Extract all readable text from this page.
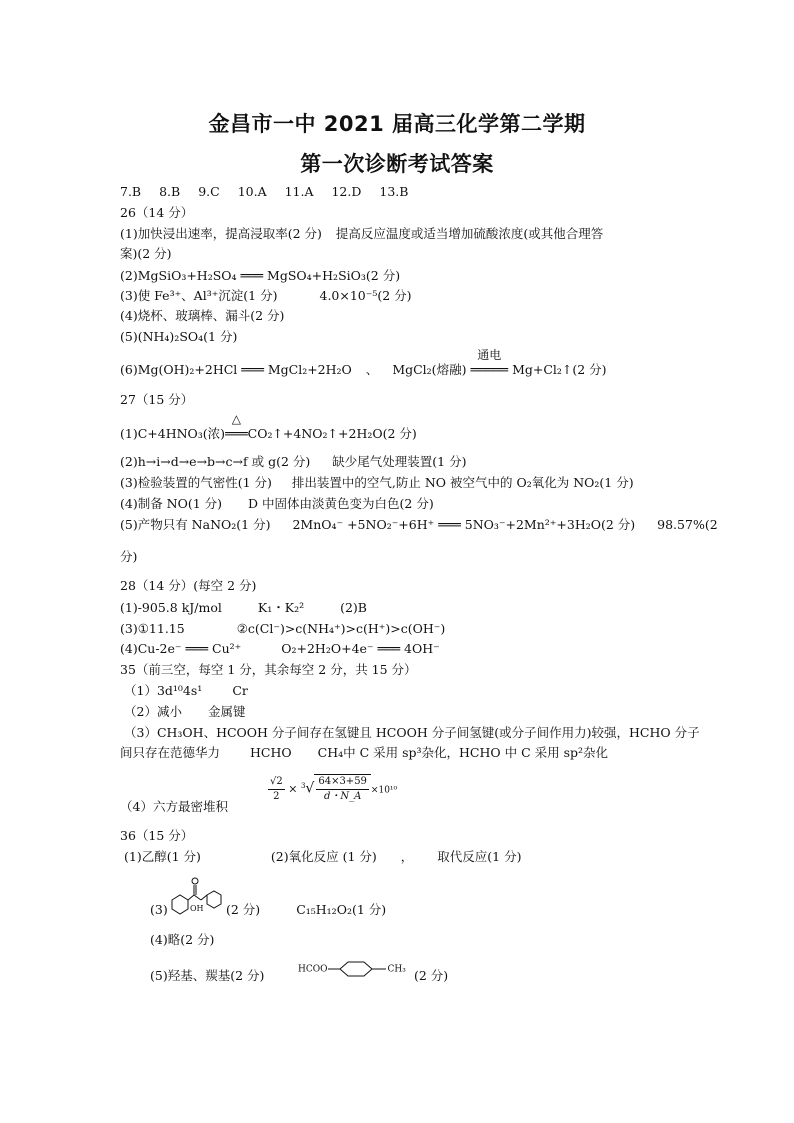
金昌市一中 2021 届高三化学第二学期
第一次诊断考试答案
7.B 8.B 9.C 10.A 11.A 12.D 13.B
26（14 分）
(1)加快浸出速率，提高浸取率(2 分) 提高反应温度或适当增加硫酸浓度(或其他合理答
案)(2 分)
(2)MgSiO₃+H₂SO₄ ═══ MgSO₄+H₂SiO₃(2 分)
(3)使 Fe³⁺、Al³⁺沉淀(1 分)	4.0×10⁻⁵(2 分)
(4)烧杯、玻璃棒、漏斗(2 分)
(5)(NH₄)₂SO₄(1 分)
(6)Mg(OH)₂+2HCl ═══ MgCl₂+2H₂O 、 MgCl₂(熔融)
通电
═════ Mg+Cl₂↑(2 分)
27（15 分）
(1)C+4HNO₃(浓)
△
═══CO₂↑+4NO₂↑+2H₂O(2 分)
(2)h→i→d→e→b→c→f 或 g(2 分) 缺少尾气处理装置(1 分)
(3)检验装置的气密性(1 分) 排出装置中的空气,防止 NO 被空气中的 O₂氧化为 NO₂(1 分)
(4)制备 NO(1 分) D 中固体由淡黄色变为白色(2 分)
(5)产物只有 NaNO₂(1 分) 2MnO₄⁻ +5NO₂⁻+6H⁺ ═══ 5NO₃⁻+2Mn²⁺+3H₂O(2 分) 98.57%(2
分)
28（14 分）(每空 2 分)
(1)-905.8 kJ/mol	K₁・K₂²	(2)B
(3)①11.15	②c(Cl⁻)>c(NH₄⁺)>c(H⁺)>c(OH⁻)
(4)Cu-2e⁻ ═══ Cu²⁺	O₂+2H₂O+4e⁻ ═══ 4OH⁻
35（前三空，每空 1 分，其余每空 2 分，共 15 分）
（1）3d¹⁰4s¹ Cr
（2）减小 金属键
（3）CH₃OH、HCOOH 分子间存在氢键且 HCOOH 分子间氢键(或分子间作用力)较强，HCHO 分子
间只存在范德华力 HCHO CH₄中 C 采用 sp³杂化，HCHO 中 C 采用 sp²杂化
（4）六方最密堆积
$\frac{√2}{2} \times ^3√ \frac{64\times 3+59}{d・N\_A} \times 10^{10}$
36（15 分）
(1)乙醇(1 分)	(2)氧化反应 (1 分) ， 取代反应(1 分)
(3)	OH (2 分)	C₁₅H₁₂O₂(1 分)
(4)略(2 分)
(5)羟基、羰基(2 分)	HCOO	CH₃ (2 分)
